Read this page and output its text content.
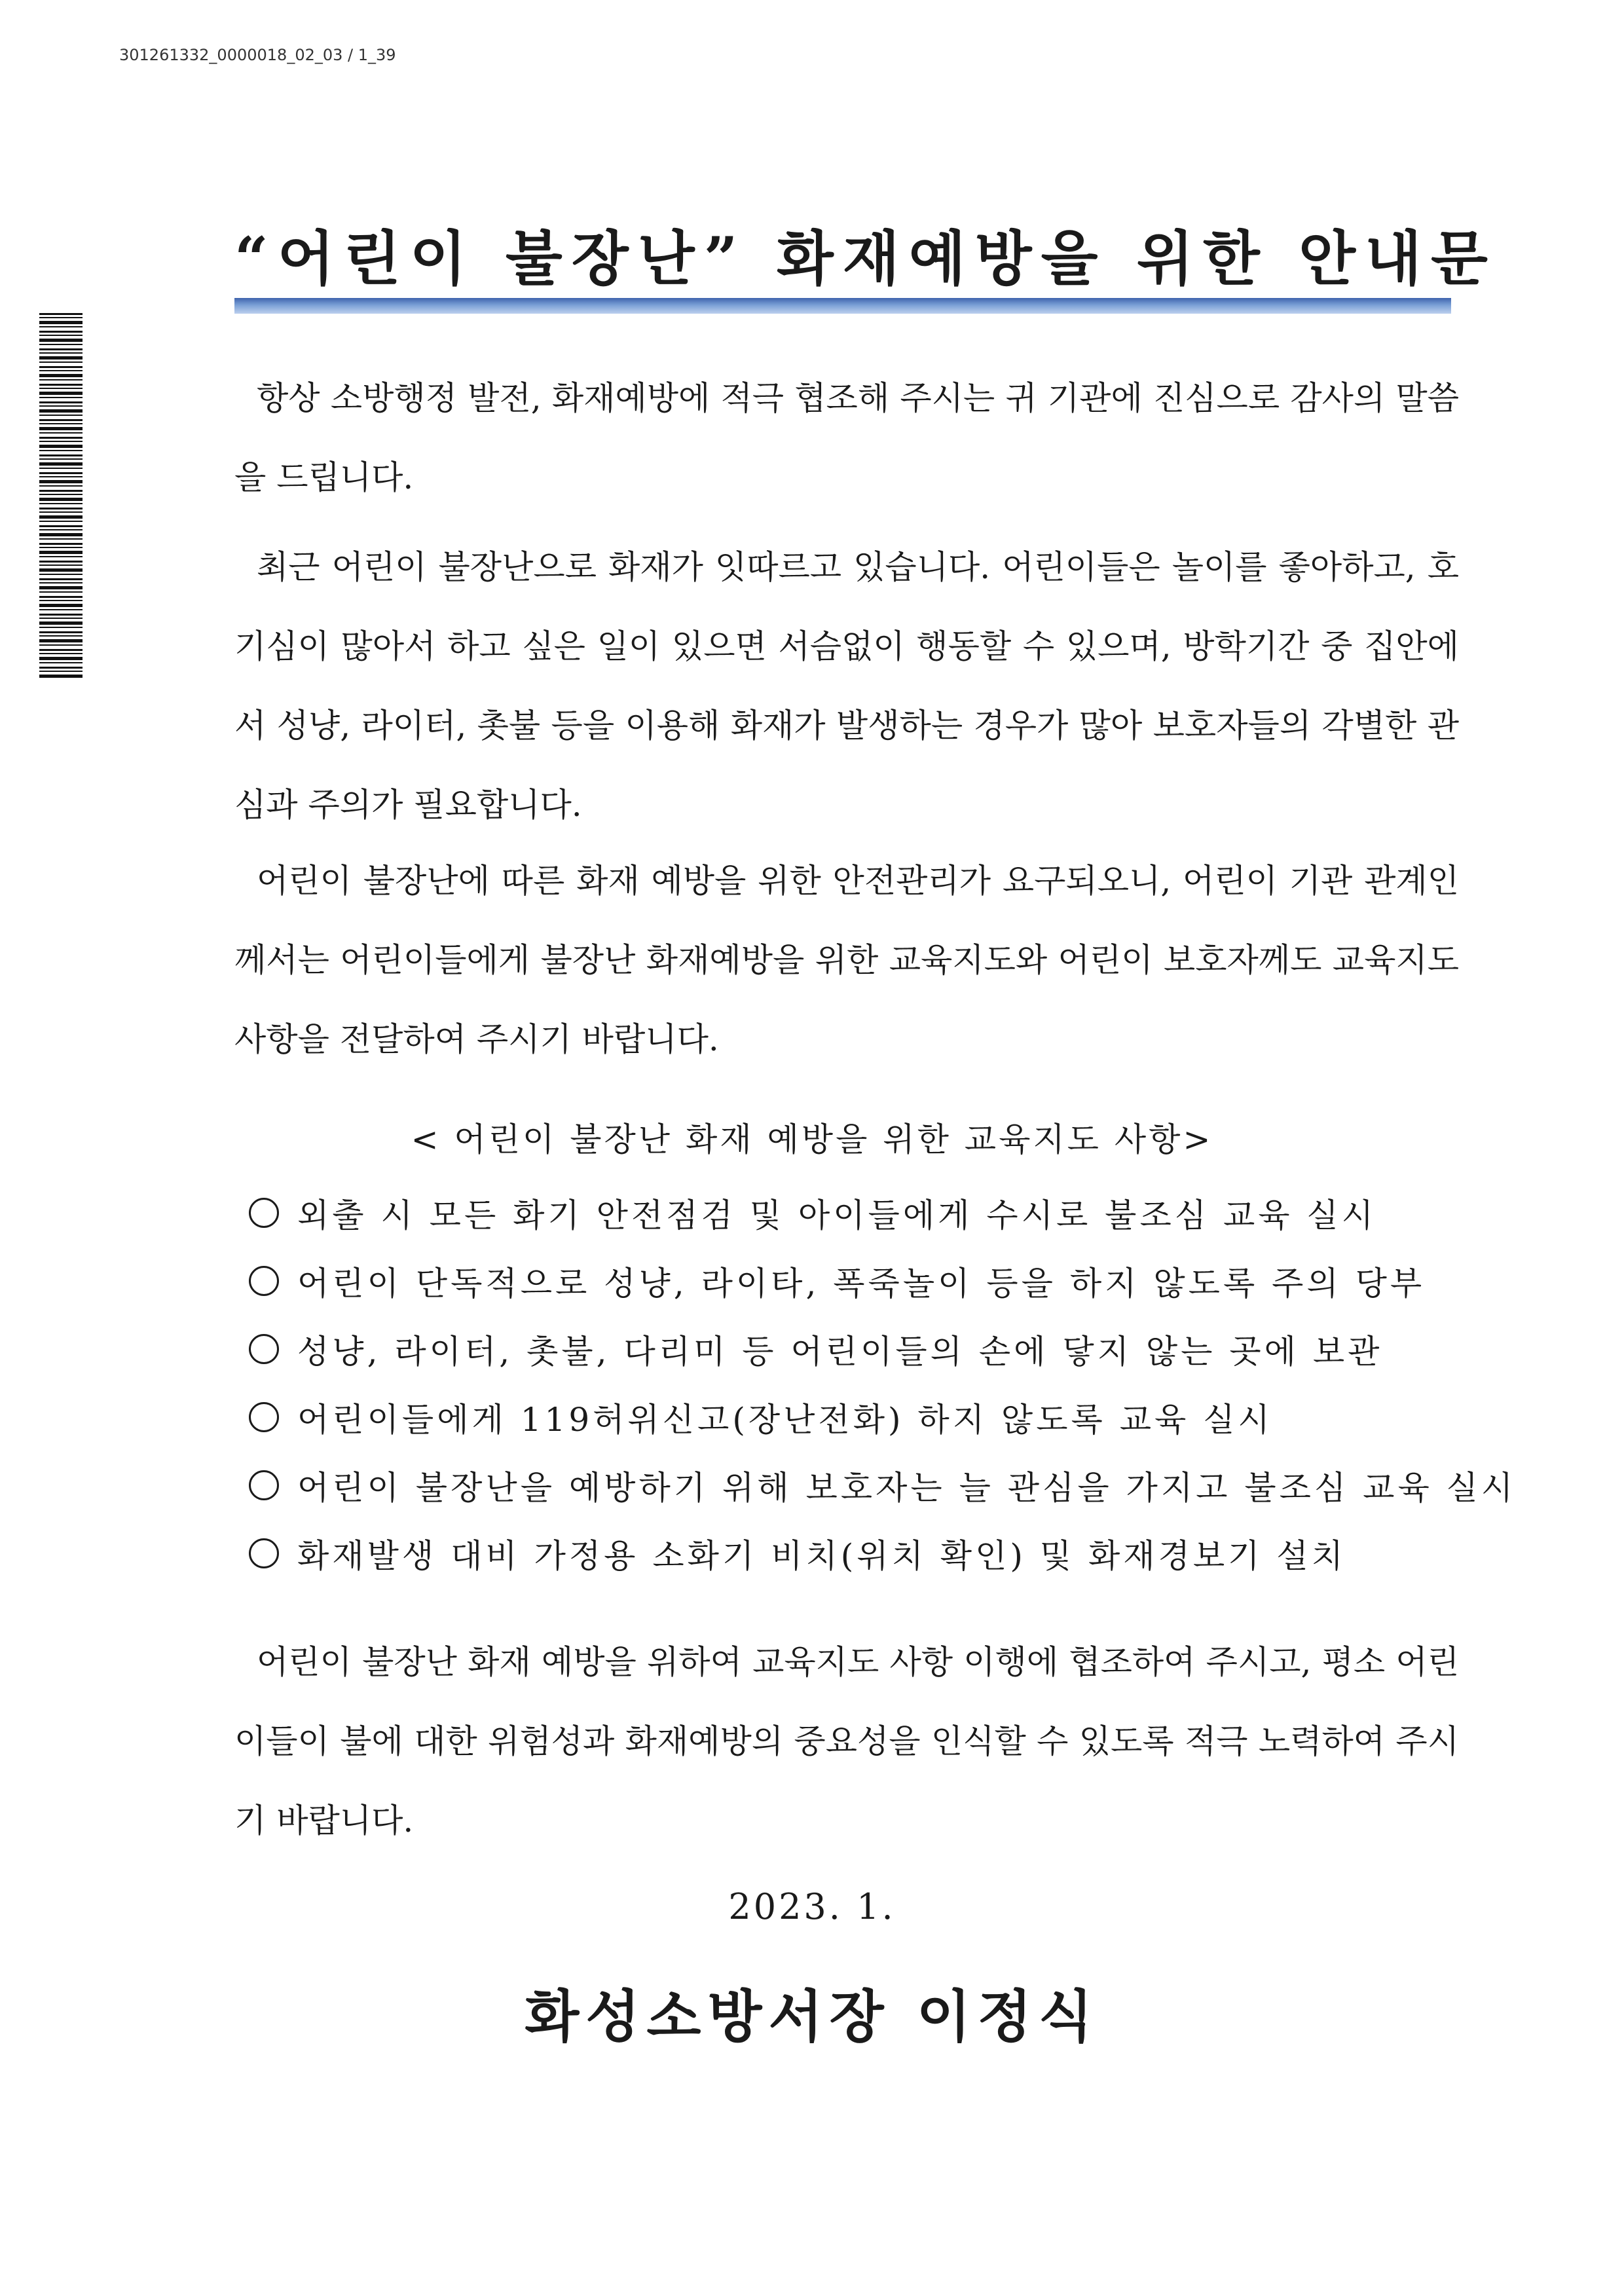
301261332_0000018_02_03 / 1_39
“어린이 불장난” 화재예방을 위한 안내문

항상 소방행정 발전, 화재예방에 적극 협조해 주시는 귀 기관에 진심으로 감사의 말씀을 드립니다.

최근 어린이 불장난으로 화재가 잇따르고 있습니다. 어린이들은 놀이를 좋아하고, 호기심이 많아서 하고 싶은 일이 있으면 서슴없이 행동할 수 있으며, 방학기간 중 집안에서 성냥, 라이터, 촛불 등을 이용해 화재가 발생하는 경우가 많아 보호자들의 각별한 관심과 주의가 필요합니다.

어린이 불장난에 따른 화재 예방을 위한 안전관리가 요구되오니, 어린이 기관 관계인께서는 어린이들에게 불장난 화재예방을 위한 교육지도와 어린이 보호자께도 교육지도 사항을 전달하여 주시기 바랍니다.

< 어린이 불장난 화재 예방을 위한 교육지도 사항>
외출 시 모든 화기 안전점검 및 아이들에게 수시로 불조심 교육 실시
어린이 단독적으로 성냥, 라이타, 폭죽놀이 등을 하지 않도록 주의 당부
성냥, 라이터, 촛불, 다리미 등 어린이들의 손에 닿지 않는 곳에 보관
어린이들에게 119허위신고(장난전화) 하지 않도록 교육 실시
어린이 불장난을 예방하기 위해 보호자는 늘 관심을 가지고 불조심 교육 실시
화재발생 대비 가정용 소화기 비치(위치 확인) 및 화재경보기 설치

어린이 불장난 화재 예방을 위하여 교육지도 사항 이행에 협조하여 주시고, 평소 어린이들이 불에 대한 위험성과 화재예방의 중요성을 인식할 수 있도록 적극 노력하여 주시기 바랍니다.

2023. 1.
화성소방서장 이정식
